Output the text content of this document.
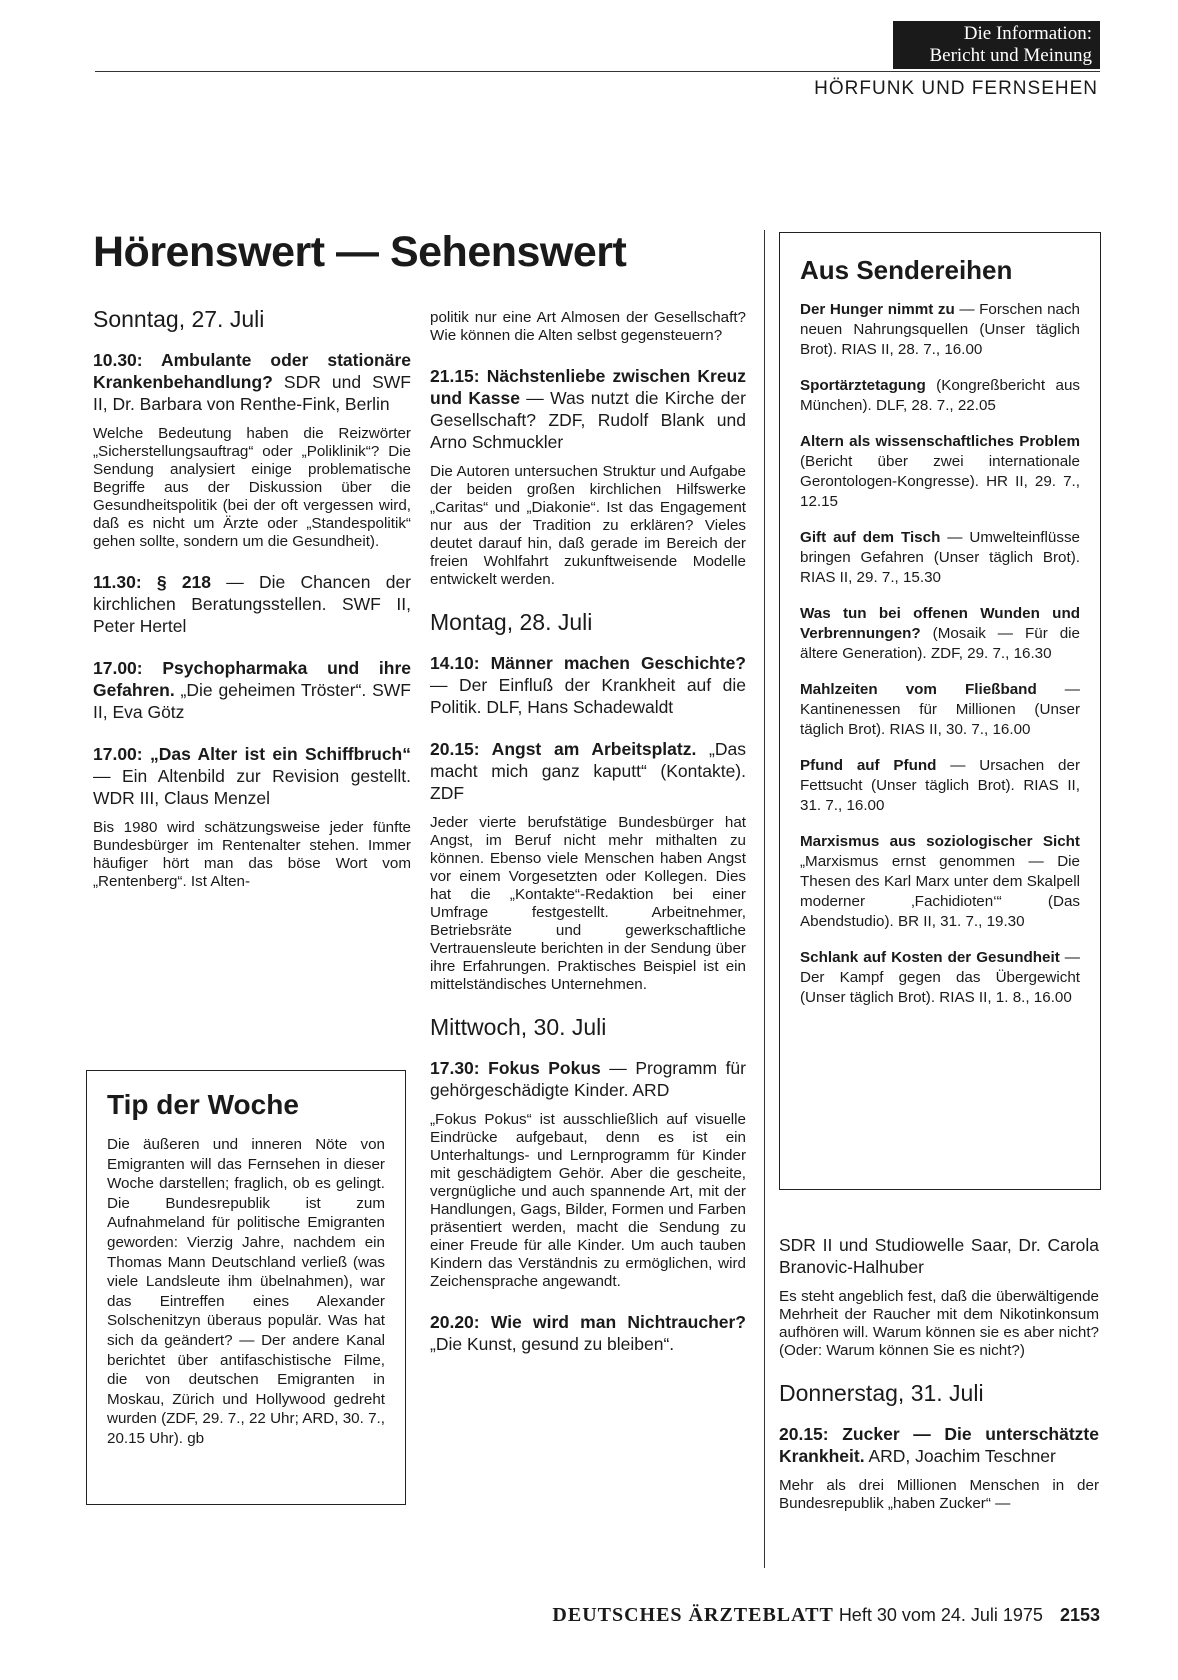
Die Information:
Bericht und Meinung
HÖRFUNK UND FERNSEHEN
Hörenswert — Sehenswert
Sonntag, 27. Juli
10.30: Ambulante oder stationäre Krankenbehandlung? SDR und SWF II, Dr. Barbara von Renthe-Fink, Berlin
Welche Bedeutung haben die Reizwörter „Sicherstellungsauftrag“ oder „Poliklinik“? Die Sendung analysiert einige problematische Begriffe aus der Diskussion über die Gesundheitspolitik (bei der oft vergessen wird, daß es nicht um Ärzte oder „Standespolitik“ gehen sollte, sondern um die Gesundheit).
11.30: § 218 — Die Chancen der kirchlichen Beratungsstellen. SWF II, Peter Hertel
17.00: Psychopharmaka und ihre Gefahren. „Die geheimen Tröster“. SWF II, Eva Götz
17.00: „Das Alter ist ein Schiffbruch“ — Ein Altenbild zur Revision gestellt. WDR III, Claus Menzel
Bis 1980 wird schätzungsweise jeder fünfte Bundesbürger im Rentenalter stehen. Immer häufiger hört man das böse Wort vom „Rentenberg“. Ist Alten-
Tip der Woche
Die äußeren und inneren Nöte von Emigranten will das Fernsehen in dieser Woche darstellen; fraglich, ob es gelingt. Die Bundesrepublik ist zum Aufnahmeland für politische Emigranten geworden: Vierzig Jahre, nachdem ein Thomas Mann Deutschland verließ (was viele Landsleute ihm übelnahmen), war das Eintreffen eines Alexander Solschenitzyn überaus populär. Was hat sich da geändert? — Der andere Kanal berichtet über antifaschistische Filme, die von deutschen Emigranten in Moskau, Zürich und Hollywood gedreht wurden (ZDF, 29. 7., 22 Uhr; ARD, 30. 7., 20.15 Uhr). gb
politik nur eine Art Almosen der Gesellschaft? Wie können die Alten selbst gegensteuern?
21.15: Nächstenliebe zwischen Kreuz und Kasse — Was nutzt die Kirche der Gesellschaft? ZDF, Rudolf Blank und Arno Schmuckler
Die Autoren untersuchen Struktur und Aufgabe der beiden großen kirchlichen Hilfswerke „Caritas“ und „Diakonie“. Ist das Engagement nur aus der Tradition zu erklären? Vieles deutet darauf hin, daß gerade im Bereich der freien Wohlfahrt zukunftweisende Modelle entwickelt werden.
Montag, 28. Juli
14.10: Männer machen Geschichte? — Der Einfluß der Krankheit auf die Politik. DLF, Hans Schadewaldt
20.15: Angst am Arbeitsplatz. „Das macht mich ganz kaputt“ (Kontakte). ZDF
Jeder vierte berufstätige Bundesbürger hat Angst, im Beruf nicht mehr mithalten zu können. Ebenso viele Menschen haben Angst vor einem Vorgesetzten oder Kollegen. Dies hat die „Kontakte“-Redaktion bei einer Umfrage festgestellt. Arbeitnehmer, Betriebsräte und gewerkschaftliche Vertrauensleute berichten in der Sendung über ihre Erfahrungen. Praktisches Beispiel ist ein mittelständisches Unternehmen.
Mittwoch, 30. Juli
17.30: Fokus Pokus — Programm für gehörgeschädigte Kinder. ARD
„Fokus Pokus“ ist ausschließlich auf visuelle Eindrücke aufgebaut, denn es ist ein Unterhaltungs- und Lernprogramm für Kinder mit geschädigtem Gehör. Aber die gescheite, vergnügliche und auch spannende Art, mit der Handlungen, Gags, Bilder, Formen und Farben präsentiert werden, macht die Sendung zu einer Freude für alle Kinder. Um auch tauben Kindern das Verständnis zu ermöglichen, wird Zeichensprache angewandt.
20.20: Wie wird man Nichtraucher? „Die Kunst, gesund zu bleiben“.
Aus Sendereihen
Der Hunger nimmt zu — Forschen nach neuen Nahrungsquellen (Unser täglich Brot). RIAS II, 28. 7., 16.00
Sportärztetagung (Kongreßbericht aus München). DLF, 28. 7., 22.05
Altern als wissenschaftliches Problem (Bericht über zwei internationale Gerontologen-Kongresse). HR II, 29. 7., 12.15
Gift auf dem Tisch — Umwelteinflüsse bringen Gefahren (Unser täglich Brot). RIAS II, 29. 7., 15.30
Was tun bei offenen Wunden und Verbrennungen? (Mosaik — Für die ältere Generation). ZDF, 29. 7., 16.30
Mahlzeiten vom Fließband — Kantinenessen für Millionen (Unser täglich Brot). RIAS II, 30. 7., 16.00
Pfund auf Pfund — Ursachen der Fettsucht (Unser täglich Brot). RIAS II, 31. 7., 16.00
Marxismus aus soziologischer Sicht „Marxismus ernst genommen — Die Thesen des Karl Marx unter dem Skalpell moderner ‚Fachidioten‘“ (Das Abendstudio). BR II, 31. 7., 19.30
Schlank auf Kosten der Gesundheit — Der Kampf gegen das Übergewicht (Unser täglich Brot). RIAS II, 1. 8., 16.00
SDR II und Studiowelle Saar, Dr. Carola Branovic-Halhuber
Es steht angeblich fest, daß die überwältigende Mehrheit der Raucher mit dem Nikotinkonsum aufhören will. Warum können sie es aber nicht? (Oder: Warum können Sie es nicht?)
Donnerstag, 31. Juli
20.15: Zucker — Die unterschätzte Krankheit. ARD, Joachim Teschner
Mehr als drei Millionen Menschen in der Bundesrepublik „haben Zucker“ —
DEUTSCHES ÄRZTEBLATT Heft 30 vom 24. Juli 1975 2153
